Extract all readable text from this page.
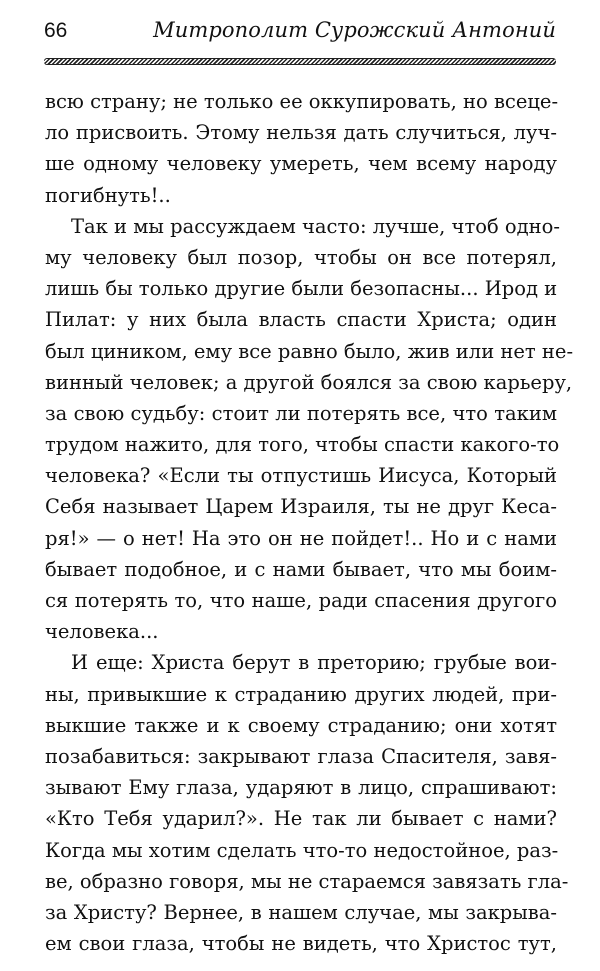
66	Митрополит Сурожский Антоний
всю страну; не только ее оккупировать, но всеце-
ло присвоить. Этому нельзя дать случиться, луч-
ше одному человеку умереть, чем всему народу
погибнуть!..
Так и мы рассуждаем часто: лучше, чтоб одно-
му человеку был позор, чтобы он все потерял,
лишь бы только другие были безопасны... Ирод и
Пилат: у них была власть спасти Христа; один
был циником, ему все равно было, жив или нет не-
винный человек; а другой боялся за свою карьеру,
за свою судьбу: стоит ли потерять все, что таким
трудом нажито, для того, чтобы спасти какого-то
человека? «Если ты отпустишь Иисуса, Который
Себя называет Царем Израиля, ты не друг Кеса-
ря!» — о нет! На это он не пойдет!.. Но и с нами
бывает подобное, и с нами бывает, что мы боим-
ся потерять то, что наше, ради спасения другого
человека...
И еще: Христа берут в преторию; грубые вои-
ны, привыкшие к страданию других людей, при-
выкшие также и к своему страданию; они хотят
позабавиться: закрывают глаза Спасителя, завя-
зывают Ему глаза, ударяют в лицо, спрашивают:
«Кто Тебя ударил?». Не так ли бывает с нами?
Когда мы хотим сделать что-то недостойное, раз-
ве, образно говоря, мы не стараемся завязать гла-
за Христу? Вернее, в нашем случае, мы закрыва-
ем свои глаза, чтобы не видеть, что Христос тут,
